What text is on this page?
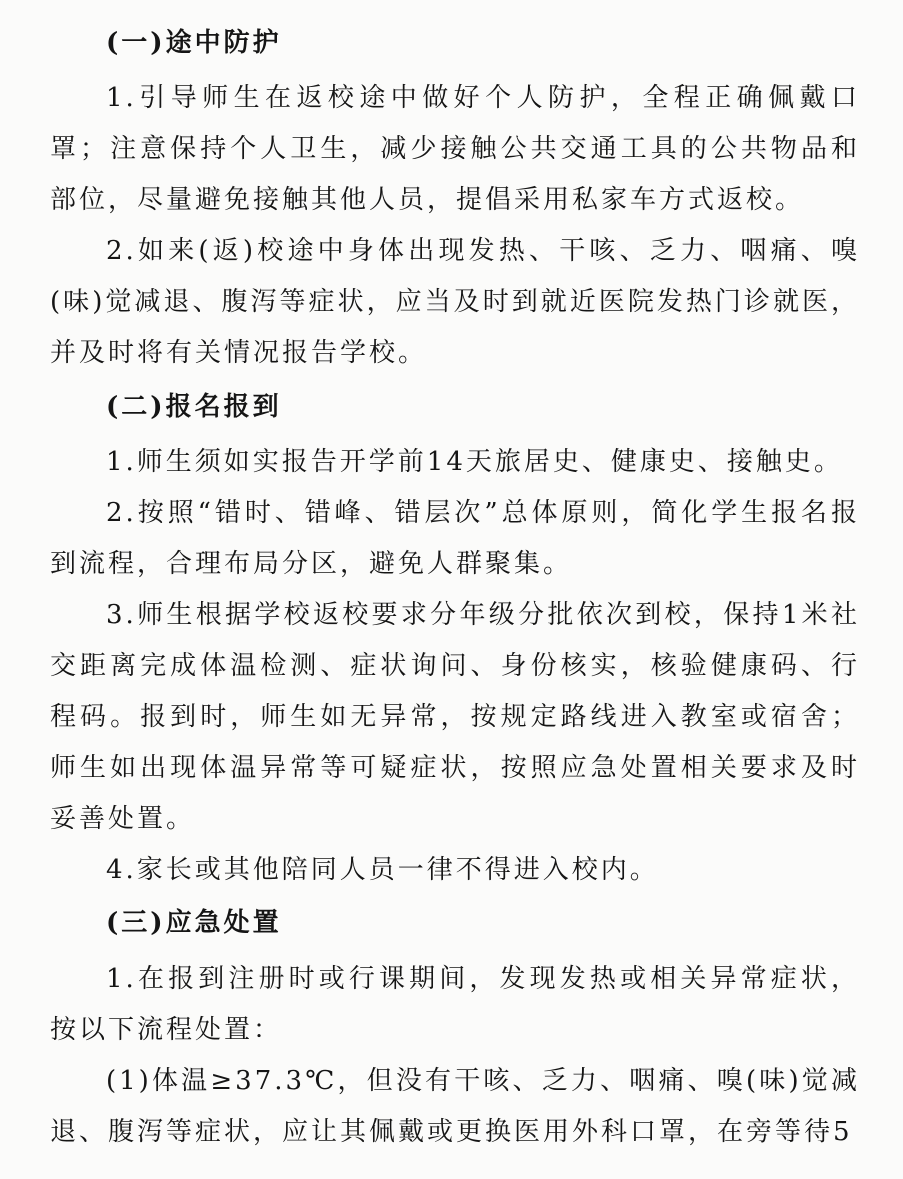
(一)途中防护

1.引导师生在返校途中做好个人防护，全程正确佩戴口罩；注意保持个人卫生，减少接触公共交通工具的公共物品和部位，尽量避免接触其他人员，提倡采用私家车方式返校。

2.如来(返)校途中身体出现发热、干咳、乏力、咽痛、嗅(味)觉减退、腹泻等症状，应当及时到就近医院发热门诊就医，并及时将有关情况报告学校。

(二)报名报到

1.师生须如实报告开学前14天旅居史、健康史、接触史。

2.按照“错时、错峰、错层次”总体原则，简化学生报名报到流程，合理布局分区，避免人群聚集。

3.师生根据学校返校要求分年级分批依次到校，保持1米社交距离完成体温检测、症状询问、身份核实，核验健康码、行程码。报到时，师生如无异常，按规定路线进入教室或宿舍；师生如出现体温异常等可疑症状，按照应急处置相关要求及时妥善处置。

4.家长或其他陪同人员一律不得进入校内。

(三)应急处置

1.在报到注册时或行课期间，发现发热或相关异常症状，按以下流程处置：

(1)体温≥37.3℃，但没有干咳、乏力、咽痛、嗅(味)觉减退、腹泻等症状，应让其佩戴或更换医用外科口罩，在旁等待5
